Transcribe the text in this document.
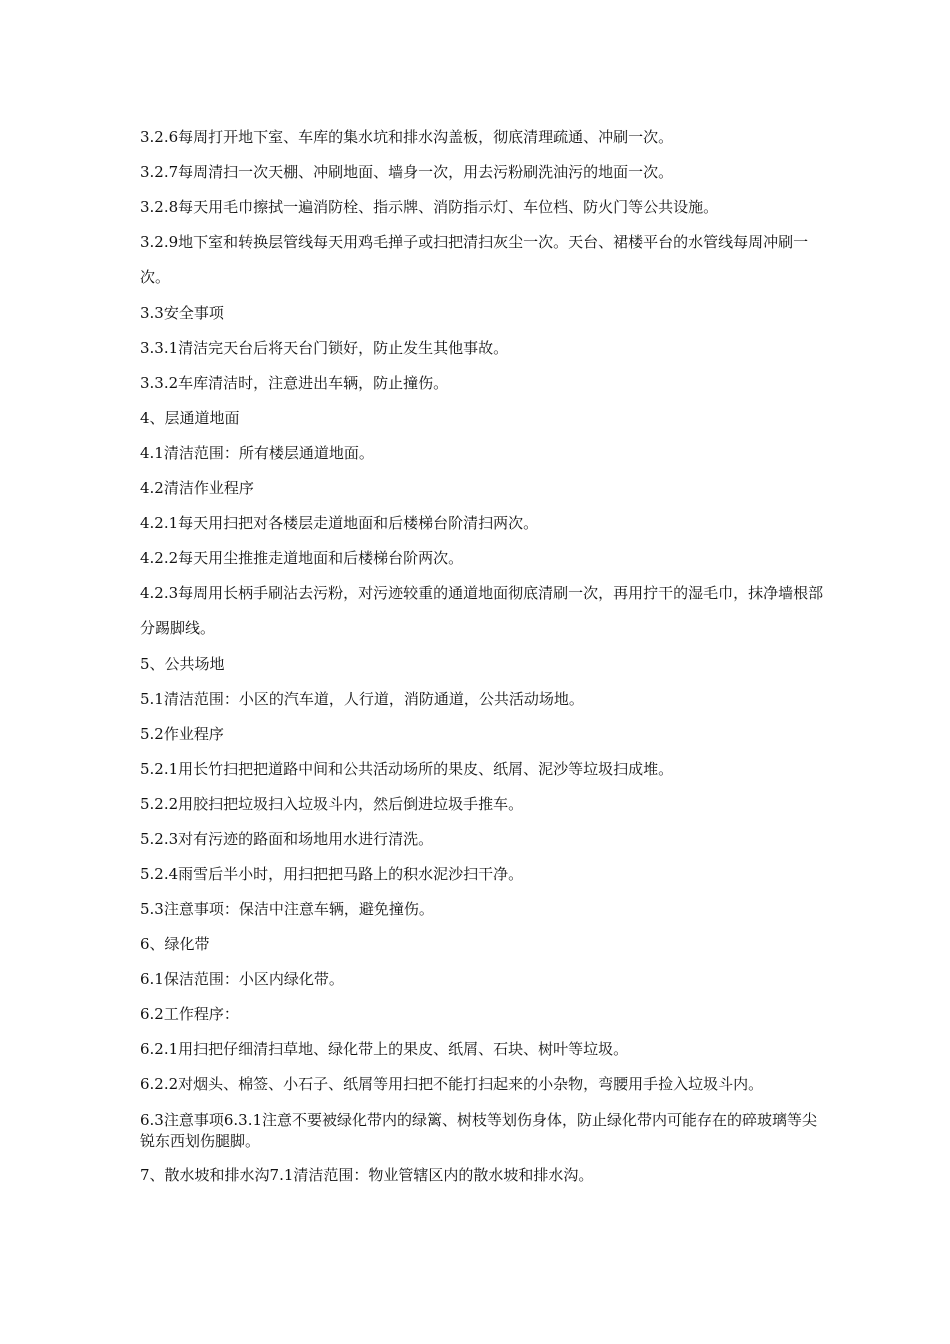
3.2.6每周打开地下室、车库的集水坑和排水沟盖板，彻底清理疏通、冲刷一次。

3.2.7每周清扫一次天棚、冲刷地面、墙身一次，用去污粉刷洗油污的地面一次。

3.2.8每天用毛巾擦拭一遍消防栓、指示牌、消防指示灯、车位档、防火门等公共设施。

3.2.9地下室和转换层管线每天用鸡毛掸子或扫把清扫灰尘一次。天台、裙楼平台的水管线每周冲刷一次。

3.3安全事项

3.3.1清洁完天台后将天台门锁好，防止发生其他事故。

3.3.2车库清洁时，注意进出车辆，防止撞伤。

4、层通道地面

4.1清洁范围：所有楼层通道地面。

4.2清洁作业程序

4.2.1每天用扫把对各楼层走道地面和后楼梯台阶清扫两次。

4.2.2每天用尘推推走道地面和后楼梯台阶两次。

4.2.3每周用长柄手刷沾去污粉，对污迹较重的通道地面彻底清刷一次，再用拧干的湿毛巾，抹净墙根部分踢脚线。

5、公共场地

5.1清洁范围：小区的汽车道，人行道，消防通道，公共活动场地。

5.2作业程序

5.2.1用长竹扫把把道路中间和公共活动场所的果皮、纸屑、泥沙等垃圾扫成堆。

5.2.2用胶扫把垃圾扫入垃圾斗内，然后倒进垃圾手推车。

5.2.3对有污迹的路面和场地用水进行清洗。

5.2.4雨雪后半小时，用扫把把马路上的积水泥沙扫干净。

5.3注意事项：保洁中注意车辆，避免撞伤。

6、绿化带

6.1保洁范围：小区内绿化带。

6.2工作程序：

6.2.1用扫把仔细清扫草地、绿化带上的果皮、纸屑、石块、树叶等垃圾。

6.2.2对烟头、棉签、小石子、纸屑等用扫把不能打扫起来的小杂物，弯腰用手捡入垃圾斗内。

6.3注意事项6.3.1注意不要被绿化带内的绿篱、树枝等划伤身体，防止绿化带内可能存在的碎玻璃等尖锐东西划伤腿脚。

7、散水坡和排水沟7.1清洁范围：物业管辖区内的散水坡和排水沟。
